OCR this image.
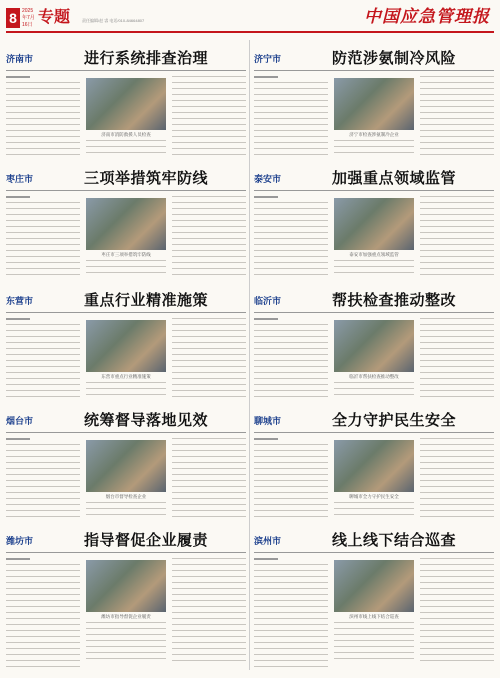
8	2025年7月16日 专题	责任编辑/赵 睿 电话/010-84664807	中国应急管理报
济南市	进行系统排查治理
济南市消防救援人员检查
枣庄市	三项举措筑牢防线
枣庄市三项举措筑牢防线
东营市	重点行业精准施策
东营市重点行业精准施策
烟台市	统筹督导落地见效
烟台市督导检查企业
潍坊市	指导督促企业履责
潍坊市指导督促企业履责
济宁市	防范涉氨制冷风险
济宁市检查涉氨制冷企业
泰安市	加强重点领域监管
泰安市加强重点领域监管
临沂市	帮扶检查推动整改
临沂市帮扶检查推动整改
聊城市	全力守护民生安全
聊城市全力守护民生安全
滨州市	线上线下结合巡查
滨州市线上线下结合巡查
